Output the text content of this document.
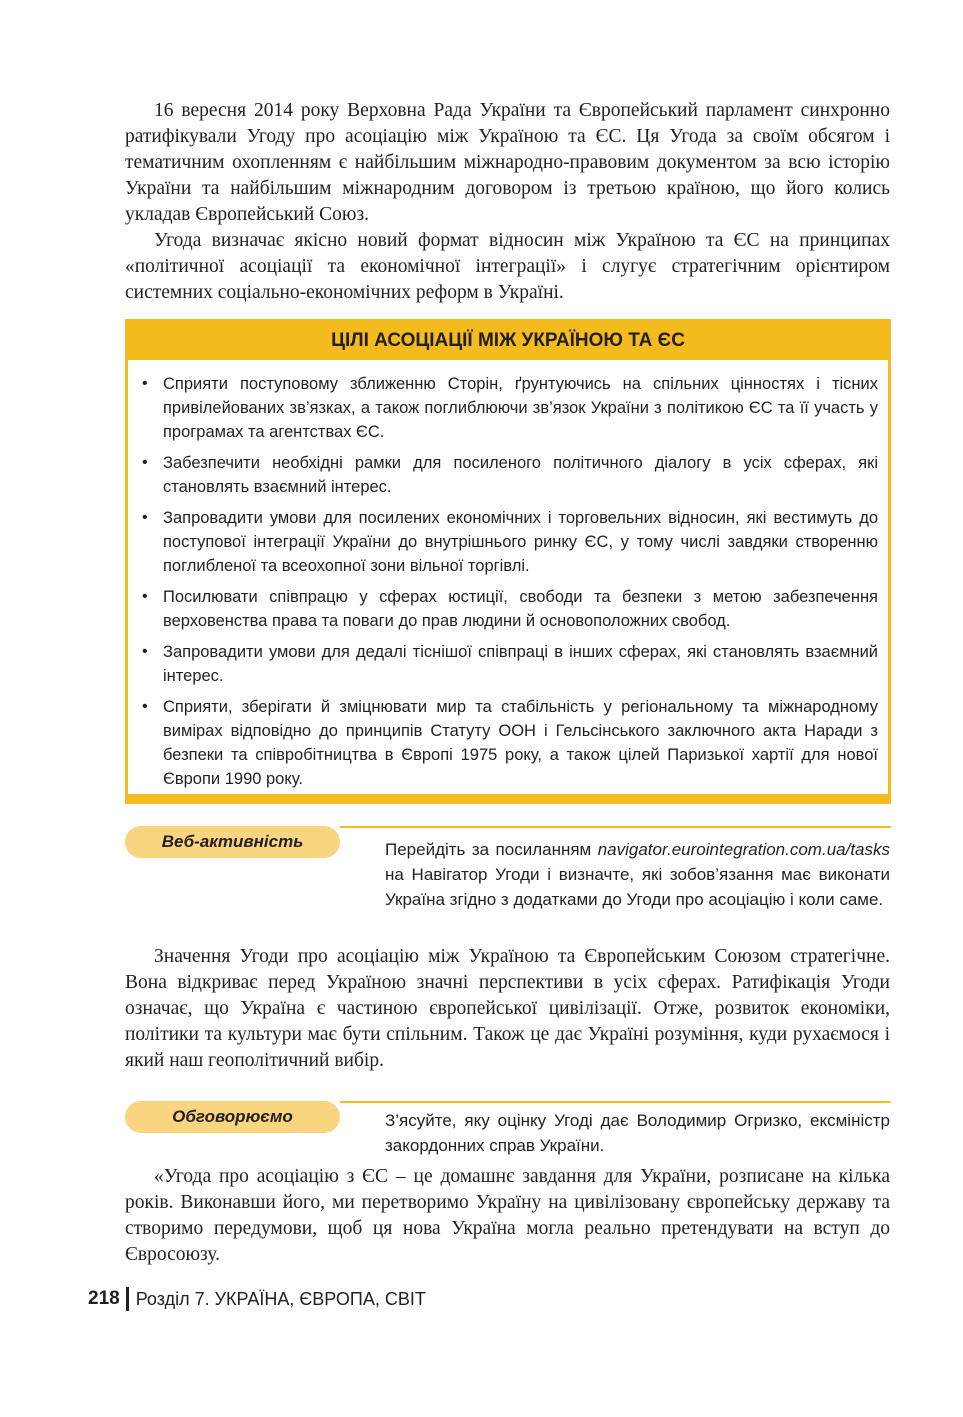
16 вересня 2014 року Верховна Рада України та Європейський парламент синхронно ратифікували Угоду про асоціацію між Україною та ЄС. Ця Угода за своїм обсягом і тематичним охопленням є найбільшим міжнародно-правовим документом за всю історію України та найбільшим міжнародним договором із третьою країною, що його колись укладав Європейський Союз.

Угода визначає якісно новий формат відносин між Україною та ЄС на принципах «політичної асоціації та економічної інтеграції» і слугує стратегічним орієнтиром системних соціально-економічних реформ в Україні.

ЦІЛІ АСОЦІАЦІЇ МІЖ УКРАЇНОЮ ТА ЄС
• Сприяти поступовому зближенню Сторін, ґрунтуючись на спільних цінностях і тісних привілейованих зв’язках, а також поглиблюючи зв’язок України з політикою ЄС та її участь у програмах та агентствах ЄС.
• Забезпечити необхідні рамки для посиленого політичного діалогу в усіх сферах, які становлять взаємний інтерес.
• Запровадити умови для посилених економічних і торговельних відносин, які вестимуть до поступової інтеграції України до внутрішнього ринку ЄС, у тому числі завдяки створенню поглибленої та всеохопної зони вільної торгівлі.
• Посилювати співпрацю у сферах юстиції, свободи та безпеки з метою забезпечення верховенства права та поваги до прав людини й основоположних свобод.
• Запровадити умови для дедалі тіснішої співпраці в інших сферах, які становлять взаємний інтерес.
• Сприяти, зберігати й зміцнювати мир та стабільність у регіональному та міжнародному вимірах відповідно до принципів Статуту ООН і Гельсінського заключного акта Наради з безпеки та співробітництва в Європі 1975 року, а також цілей Паризької хартії для нової Європи 1990 року.
Веб-активність	Перейдіть за посиланням navigator.eurointegration.com.ua/tasks на Навігатор Угоди і визначте, які зобов’язання має виконати Україна згідно з додатками до Угоди про асоціацію і коли саме.

Значення Угоди про асоціацію між Україною та Європейським Союзом стратегічне. Вона відкриває перед Україною значні перспективи в усіх сферах. Ратифікація Угоди означає, що Україна є частиною європейської цивілізації. Отже, розвиток економіки, політики та культури має бути спільним. Також це дає Україні розуміння, куди рухаємося і який наш геополітичний вибір.

Обговорюємо	З’ясуйте, яку оцінку Угоді дає Володимир Огризко, ексміністр закордонних справ України.

«Угода про асоціацію з ЄС – це домашнє завдання для України, розписане на кілька років. Виконавши його, ми перетворимо Україну на цивілізовану європейську державу та створимо передумови, щоб ця нова Україна могла реально претендувати на вступ до Євросоюзу.

218 Розділ 7. УКРАЇНА, ЄВРОПА, СВІТ
